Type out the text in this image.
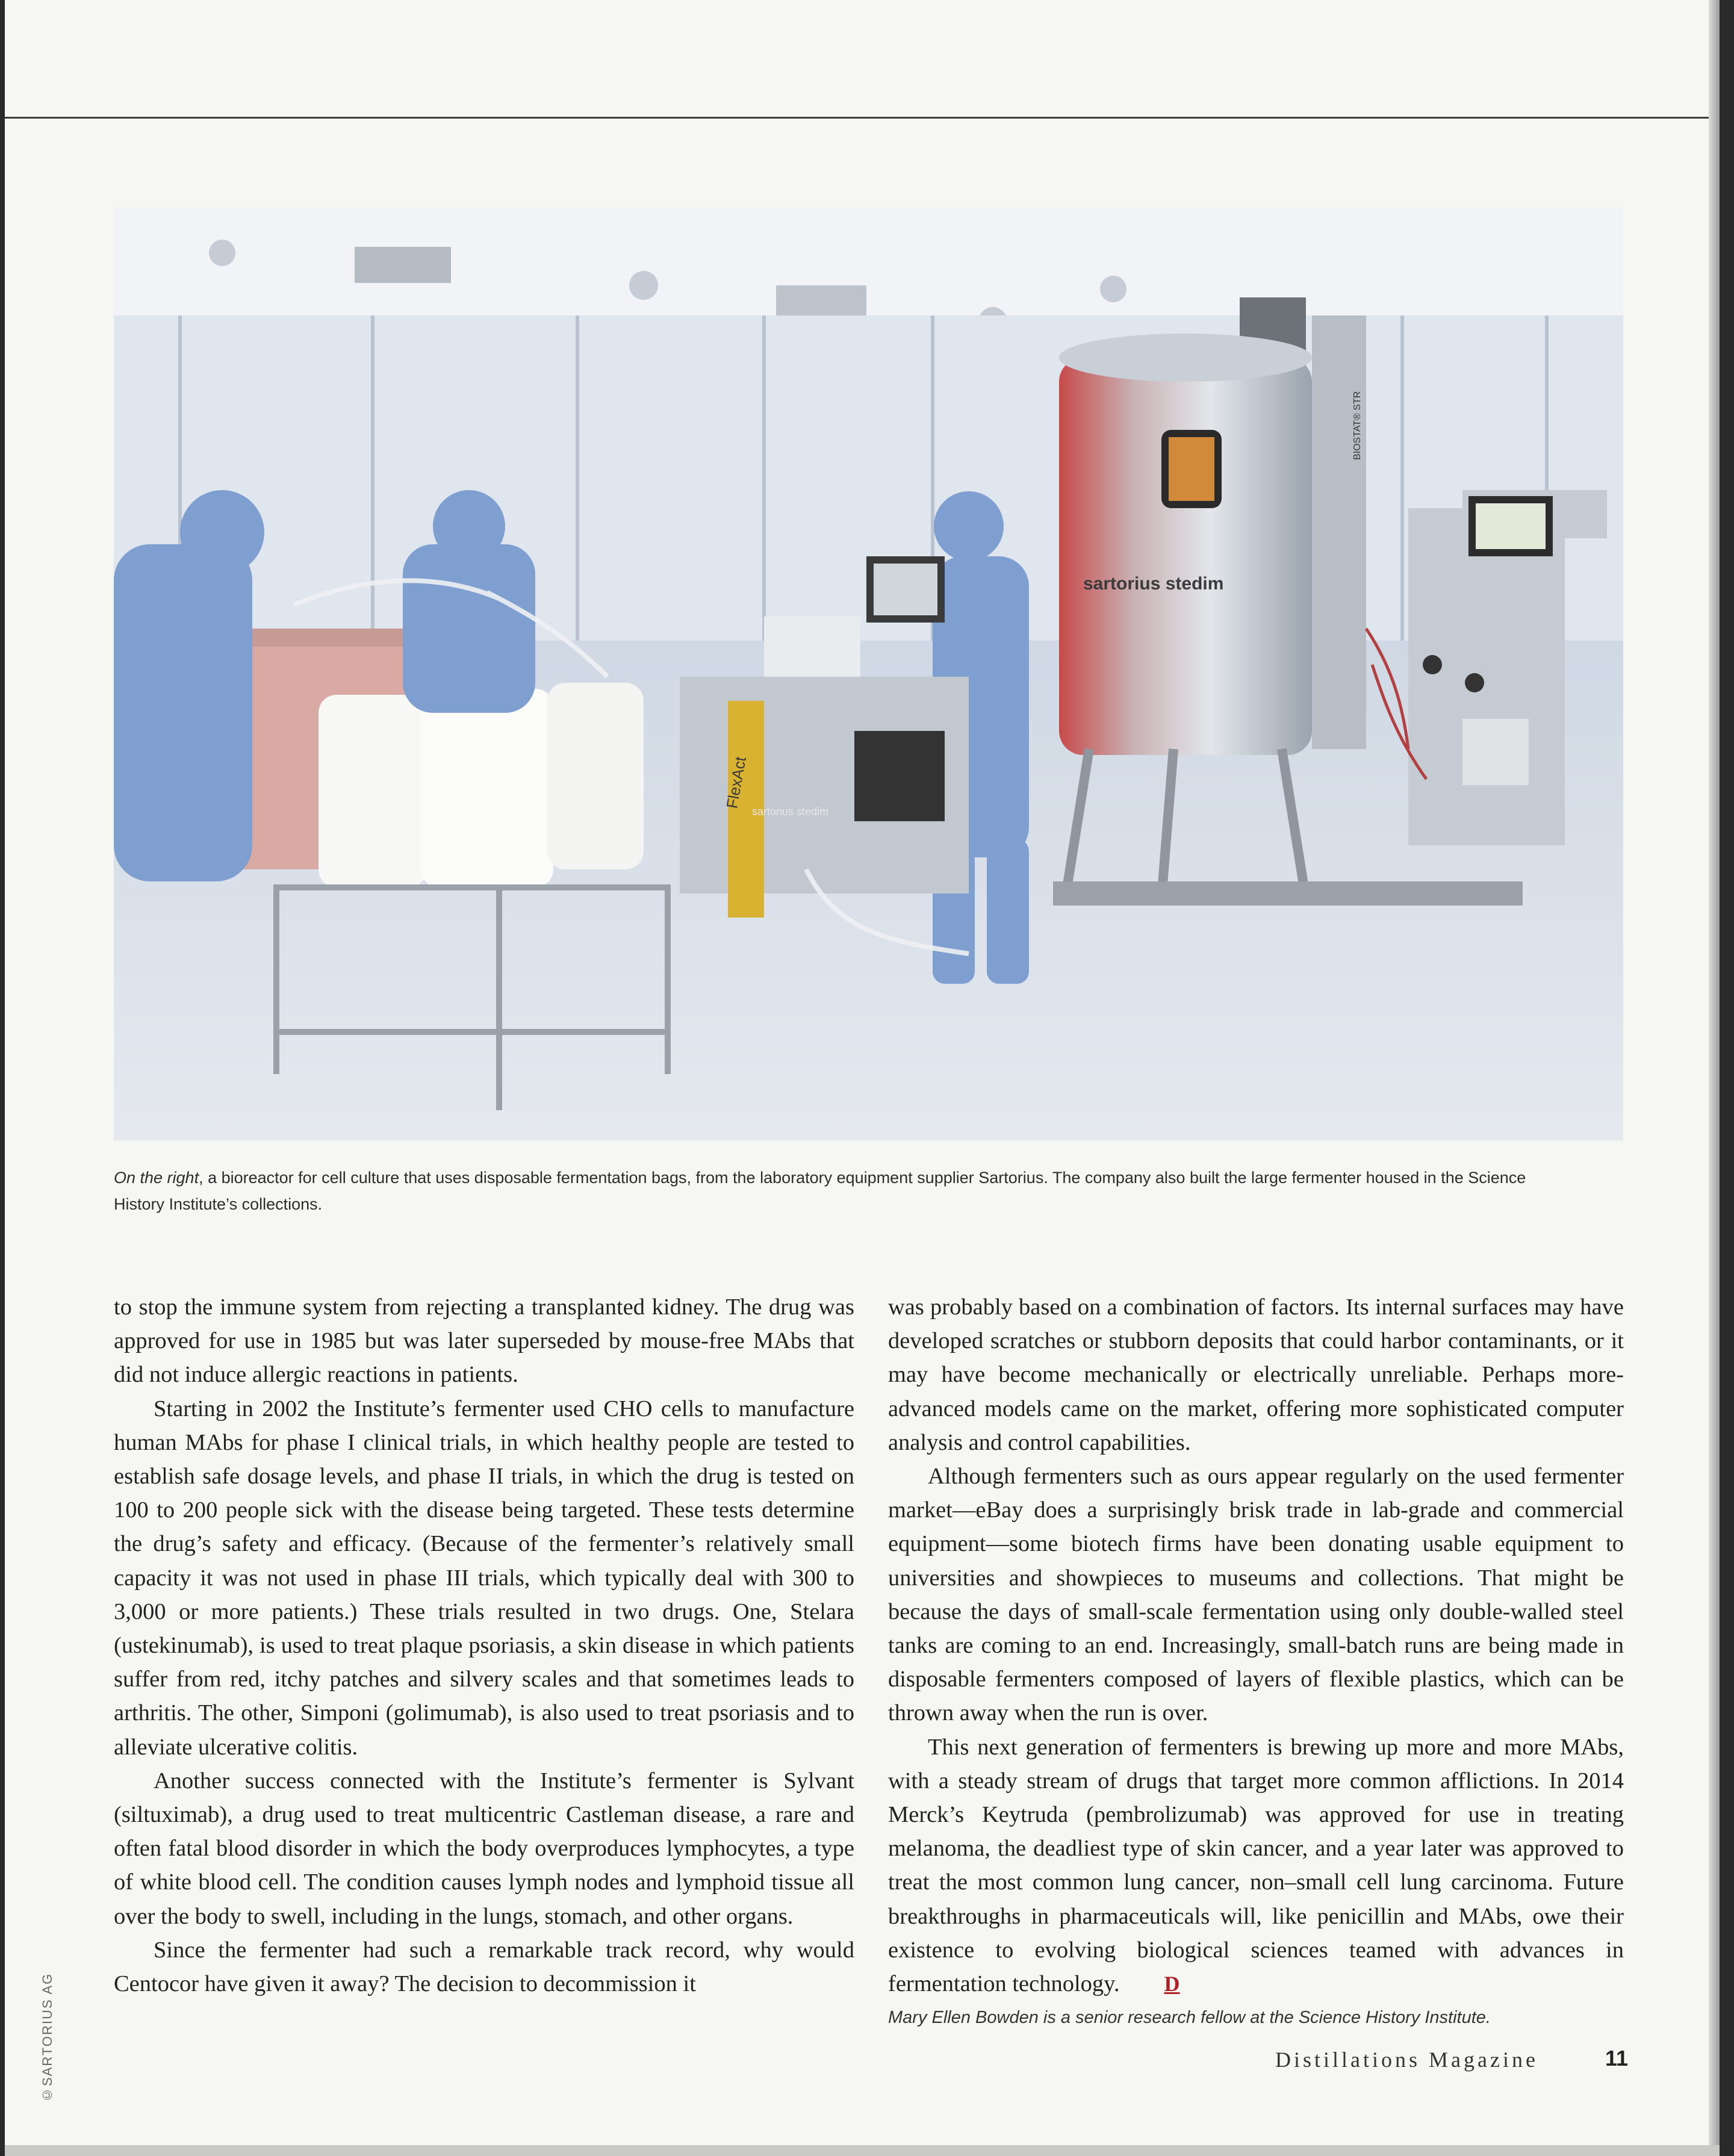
sartorius stedim
sartorius stedim
BIOSTAT® STR
FlexAct
On the right, a bioreactor for cell culture that uses disposable fermentation bags, from the laboratory equipment supplier Sartorius. The company also built the large fermenter housed in the Science History Institute’s collections.

to stop the immune system from rejecting a transplanted kidney. The drug was approved for use in 1985 but was later superseded by mouse-free MAbs that did not induce allergic reactions in patients.

Starting in 2002 the Institute’s fermenter used CHO cells to manufacture human MAbs for phase I clinical trials, in which healthy people are tested to establish safe dosage levels, and phase II trials, in which the drug is tested on 100 to 200 people sick with the disease being targeted. These tests determine the drug’s safety and efficacy. (Because of the fermenter’s relatively small capacity it was not used in phase III trials, which typically deal with 300 to 3,000 or more patients.) These trials resulted in two drugs. One, Stelara (ustekinumab), is used to treat plaque psoriasis, a skin disease in which patients suffer from red, itchy patches and silvery scales and that sometimes leads to arthritis. The other, Simponi (golimumab), is also used to treat psoriasis and to alleviate ulcerative colitis.

Another success connected with the Institute’s fermenter is Sylvant (siltuximab), a drug used to treat multicentric Castleman disease, a rare and often fatal blood disorder in which the body overproduces lymphocytes, a type of white blood cell. The condition causes lymph nodes and lymphoid tissue all over the body to swell, including in the lungs, stomach, and other organs.

Since the fermenter had such a remarkable track record, why would Centocor have given it away? The decision to decommission it

was probably based on a combination of factors. Its internal surfaces may have developed scratches or stubborn deposits that could harbor contaminants, or it may have become mechanically or electrically unreliable. Perhaps more-advanced models came on the market, offering more sophisticated computer analysis and control capabilities.

Although fermenters such as ours appear regularly on the used fermenter market—eBay does a surprisingly brisk trade in lab-grade and commercial equipment—some biotech firms have been donating usable equipment to universities and showpieces to museums and collections. That might be because the days of small-scale fermentation using only double-walled steel tanks are coming to an end. Increasingly, small-batch runs are being made in disposable fermenters composed of layers of flexible plastics, which can be thrown away when the run is over.

This next generation of fermenters is brewing up more and more MAbs, with a steady stream of drugs that target more common afflictions. In 2014 Merck’s Keytruda (pembrolizumab) was approved for use in treating melanoma, the deadliest type of skin cancer, and a year later was approved to treat the most common lung cancer, non–small cell lung carcinoma. Future breakthroughs in pharmaceuticals will, like penicillin and MAbs, owe their existence to evolving biological sciences teamed with advances in fermentation technology. D

Mary Ellen Bowden is a senior research fellow at the Science History Institute.

©SARTORIUS AG	Distillations Magazine	11
